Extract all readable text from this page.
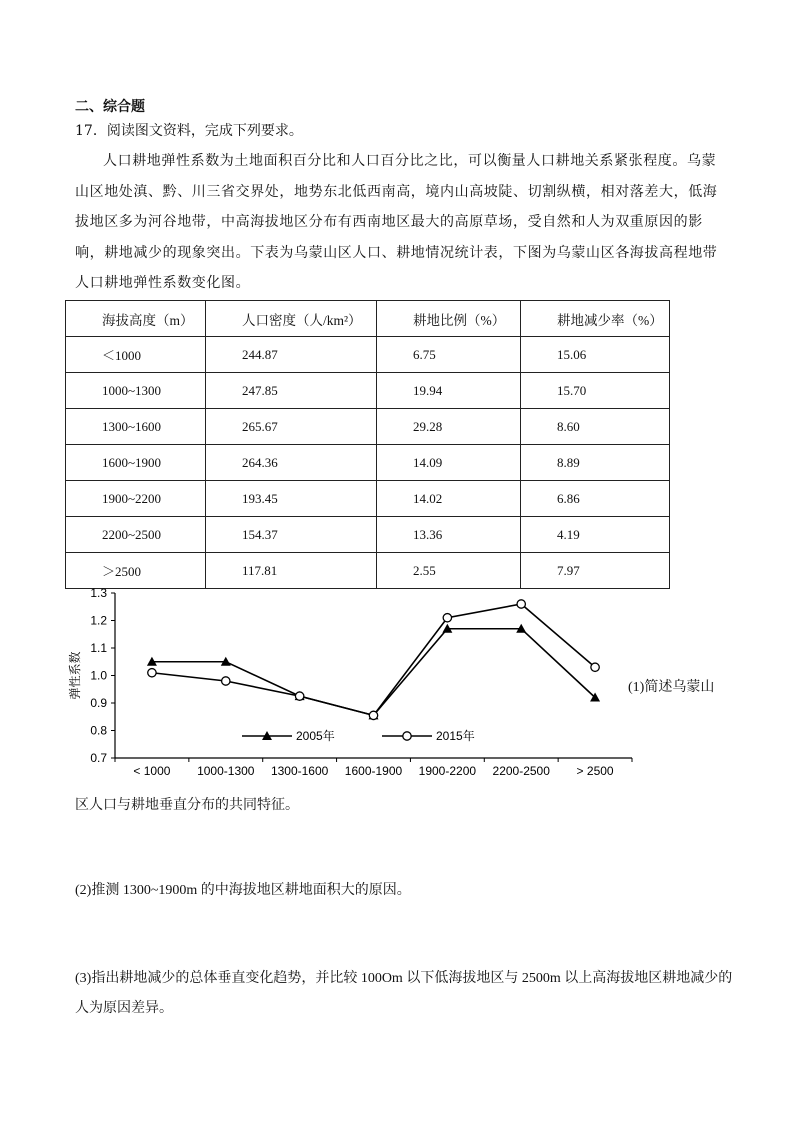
二、综合题
17．阅读图文资料，完成下列要求。
人口耕地弹性系数为土地面积百分比和人口百分比之比，可以衡量人口耕地关系紧张程度。乌蒙山区地处滇、黔、川三省交界处，地势东北低西南高，境内山高坡陡、切割纵横，相对落差大，低海拔地区多为河谷地带，中高海拔地区分布有西南地区最大的高原草场，受自然和人为双重原因的影响，耕地减少的现象突出。下表为乌蒙山区人口、耕地情况统计表，下图为乌蒙山区各海拔高程地带人口耕地弹性系数变化图。
海拔高度（m）	人口密度（人/km²）	耕地比例（%）	耕地减少率（%）
＜1000	244.87	6.75	15.06
1000~1300	247.85	19.94	15.70
1300~1600	265.67	29.28	8.60
1600~1900	264.36	14.09	8.89
1900~2200	193.45	14.02	6.86
2200~2500	154.37	13.36	4.19
＞2500	117.81	2.55	7.97
0.7
0.8
0.9
1.0
1.1
1.2
1.3
< 1000 1000-1300 1300-1600 1600-1900 1900-2200 2200-2500 > 2500
弹性系数
2005年	2015年
(1)简述乌蒙山
区人口与耕地垂直分布的共同特征。
(2)推测 1300~1900m 的中海拔地区耕地面积大的原因。
(3)指出耕地减少的总体垂直变化趋势，并比较 100Om 以下低海拔地区与 2500m 以上高海拔地区耕地减少的人为原因差异。
